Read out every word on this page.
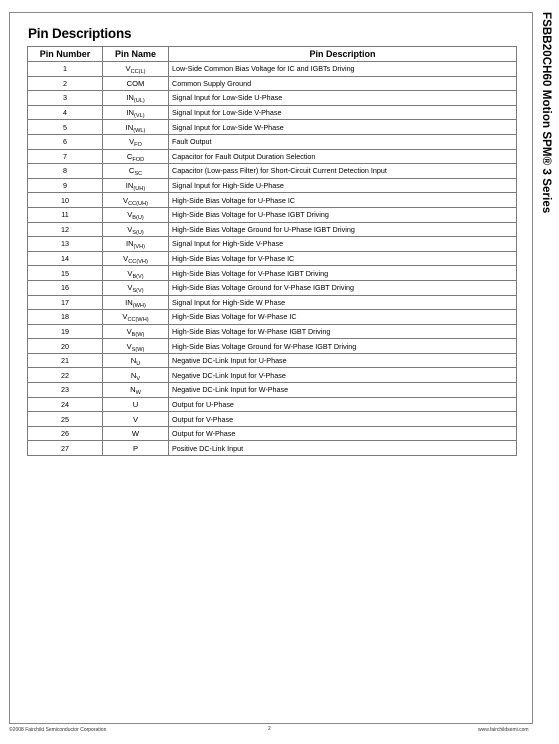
Pin Descriptions	FSBB20CH60 Motion SPM® 3 Series
Pin Number	Pin Name	Pin Description
1	$V_{CC(L)}$	Low-Side Common Bias Voltage for IC and IGBTs Driving
2	COM	Common Supply Ground
3	$IN_{(UL)}$	Signal Input for Low-Side U-Phase
4	$IN_{(VL)}$	Signal Input for Low-Side V-Phase
5	$IN_{(WL)}$	Signal Input for Low-Side W-Phase
6	$V_{FO}$	Fault Output
7	$C_{FOD}$	Capacitor for Fault Output Duration Selection
8	$C_{SC}$	Capacitor (Low-pass Filter) for Short-Circuit Current Detection Input
9	$IN_{(UH)}$	Signal Input for High-Side U-Phase
10	$V_{CC(UH)}$	High-Side Bias Voltage for U-Phase IC
11	$V_{B(U)}$	High-Side Bias Voltage for U-Phase IGBT Driving
12	$V_{S(U)}$	High-Side Bias Voltage Ground for U-Phase IGBT Driving
13	$IN_{(VH)}$	Signal Input for High-Side V-Phase
14	$V_{CC(VH)}$	High-Side Bias Voltage for V-Phase IC
15	$V_{B(V)}$	High-Side Bias Voltage for V-Phase IGBT Driving
16	$V_{S(V)}$	High-Side Bias Voltage Ground for V-Phase IGBT Driving
17	$IN_{(WH)}$	Signal Input for High-Side W Phase
18	$V_{CC(WH)}$	High-Side Bias Voltage for W-Phase IC
19	$V_{B(W)}$	High-Side Bias Voltage for W-Phase IGBT Driving
20	$V_{S(W)}$	High-Side Bias Voltage Ground for W-Phase IGBT Driving
21	$N_U$	Negative DC-Link Input for U-Phase
22	$N_V$	Negative DC-Link Input for V-Phase
23	$N_W$	Negative DC-Link Input for W-Phase
24	U	Output for U-Phase
25	V	Output for V-Phase
26	W	Output for W-Phase
27	P	Positive DC-Link Input
©2008 Fairchild Semiconductor Corporation	2	www.fairchildsemi.com
